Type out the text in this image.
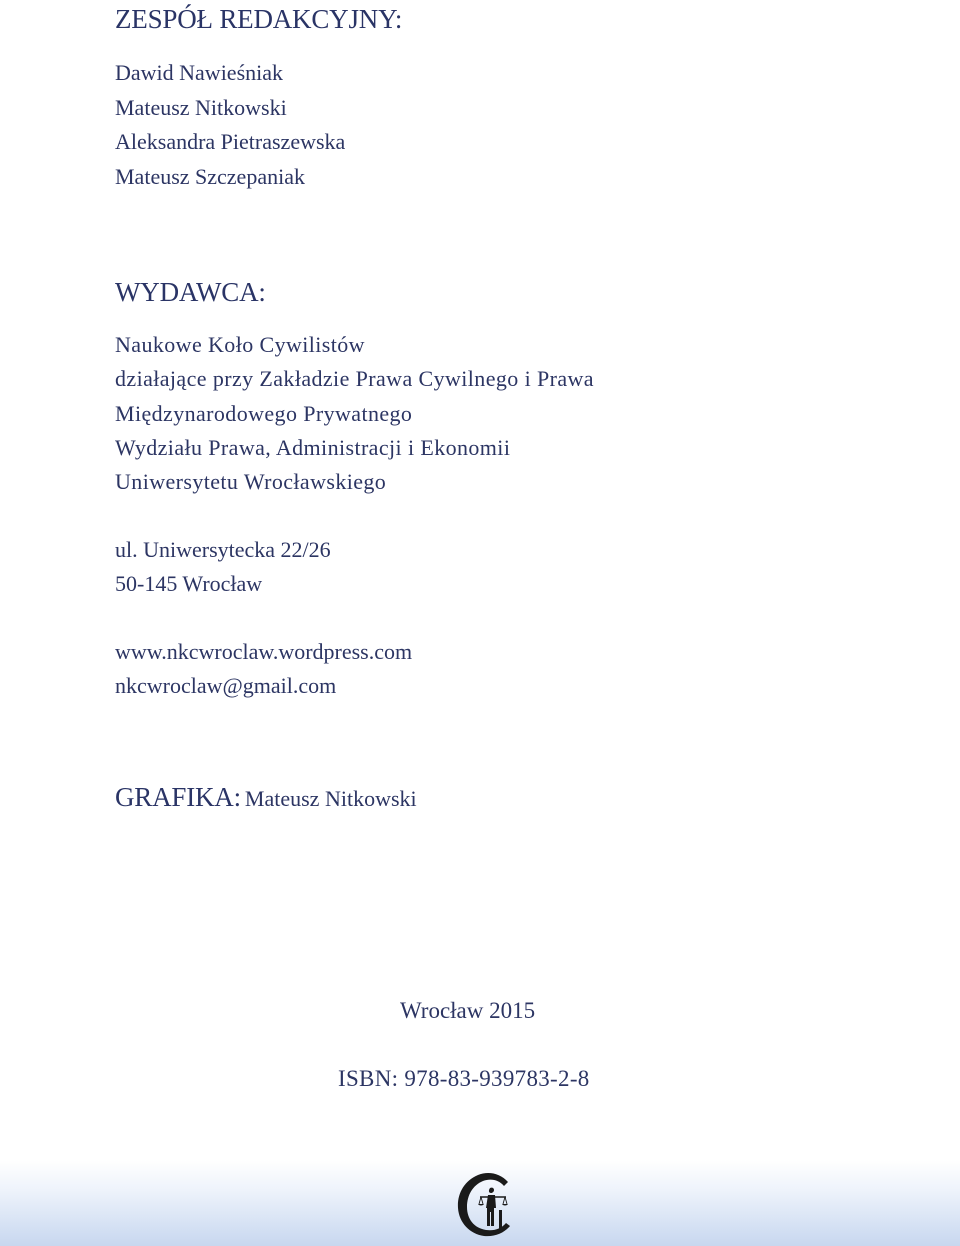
ZESPÓŁ REDAKCYJNY:
Dawid Nawieśniak
Mateusz Nitkowski
Aleksandra Pietraszewska
Mateusz Szczepaniak
WYDAWCA:
Naukowe Koło Cywilistów
działające przy Zakładzie Prawa Cywilnego i Prawa
Międzynarodowego Prywatnego
Wydziału Prawa, Administracji i Ekonomii
Uniwersytetu Wrocławskiego
ul. Uniwersytecka 22/26
50-145 Wrocław
www.nkcwroclaw.wordpress.com
nkcwroclaw@gmail.com
GRAFIKA: Mateusz Nitkowski
Wrocław 2015
ISBN: 978-83-939783-2-8
